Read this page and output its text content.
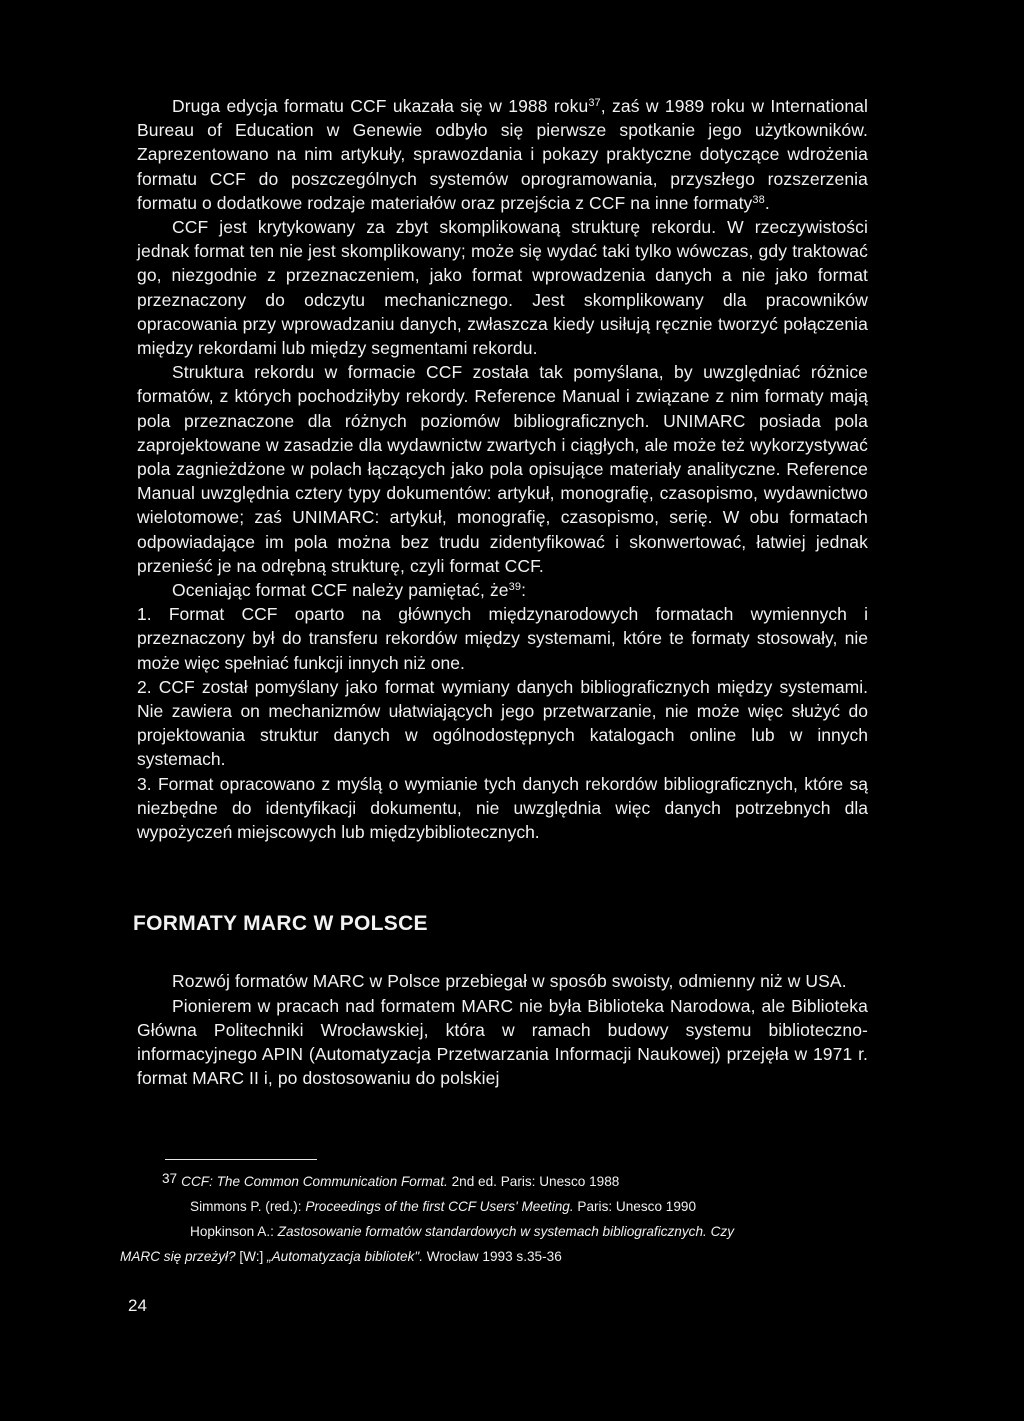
Druga edycja formatu CCF ukazała się w 1988 roku$^{37}$, zaś w 1989 roku w International Bureau of Education w Genewie odbyło się pierwsze spotkanie jego użytkowników. Zaprezentowano na nim artykuły, sprawozdania i pokazy praktyczne dotyczące wdrożenia formatu CCF do poszczególnych systemów oprogramowania, przyszłego rozszerzenia formatu o dodatkowe rodzaje materiałów oraz przejścia z CCF na inne formaty$^{38}$.

CCF jest krytykowany za zbyt skomplikowaną strukturę rekordu. W rzeczywistości jednak format ten nie jest skomplikowany; może się wydać taki tylko wówczas, gdy traktować go, niezgodnie z przeznaczeniem, jako format wprowadzenia danych a nie jako format przeznaczony do odczytu mechanicznego. Jest skomplikowany dla pracowników opracowania przy wprowadzaniu danych, zwłaszcza kiedy usiłują ręcznie tworzyć połączenia między rekordami lub między segmentami rekordu.

Struktura rekordu w formacie CCF została tak pomyślana, by uwzględniać różnice formatów, z których pochodziłyby rekordy. Reference Manual i związane z nim formaty mają pola przeznaczone dla różnych poziomów bibliograficznych. UNIMARC posiada pola zaprojektowane w zasadzie dla wydawnictw zwartych i ciągłych, ale może też wykorzystywać pola zagnieżdżone w polach łączących jako pola opisujące materiały analityczne. Reference Manual uwzględnia cztery typy dokumentów: artykuł, monografię, czasopismo, wydawnictwo wielotomowe; zaś UNIMARC: artykuł, monografię, czasopismo, serię. W obu formatach odpowiadające im pola można bez trudu zidentyfikować i skonwertować, łatwiej jednak przenieść je na odrębną strukturę, czyli format CCF.

Oceniając format CCF należy pamiętać, $że^{39}$:

1. Format CCF oparto na głównych międzynarodowych formatach wymiennych i przeznaczony był do transferu rekordów między systemami, które te formaty stosowały, nie może więc spełniać funkcji innych niż one.

2. CCF został pomyślany jako format wymiany danych bibliograficznych między systemami. Nie zawiera on mechanizmów ułatwiających jego przetwarzanie, nie może więc służyć do projektowania struktur danych w ogólnodostępnych katalogach online lub w innych systemach.

3. Format opracowano z myślą o wymianie tych danych rekordów bibliograficznych, które są niezbędne do identyfikacji dokumentu, nie uwzględnia więc danych potrzebnych dla wypożyczeń miejscowych lub międzybibliotecznych.

FORMATY MARC W POLSCE

Rozwój formatów MARC w Polsce przebiegał w sposób swoisty, odmienny niż w USA.

Pionierem w pracach nad formatem MARC nie była Biblioteka Narodowa, ale Biblioteka Główna Politechniki Wrocławskiej, która w ramach budowy systemu biblioteczno-informacyjnego APIN (Automatyzacja Przetwarzania Informacji Naukowej) przejęła w 1971 r. format MARC II i, po dostosowaniu do polskiej

37 CCF: The Common Communication Format. 2nd ed. Paris: Unesco 1988

Simmons P. (red.): Proceedings of the first CCF Users' Meeting. Paris: Unesco 1990

Hopkinson A.: Zastosowanie formatów standardowych w systemach bibliograficznych. Czy

MARC się przeżył? [W:] „Automatyzacja bibliotek". Wrocław 1993 s.35-36

24
